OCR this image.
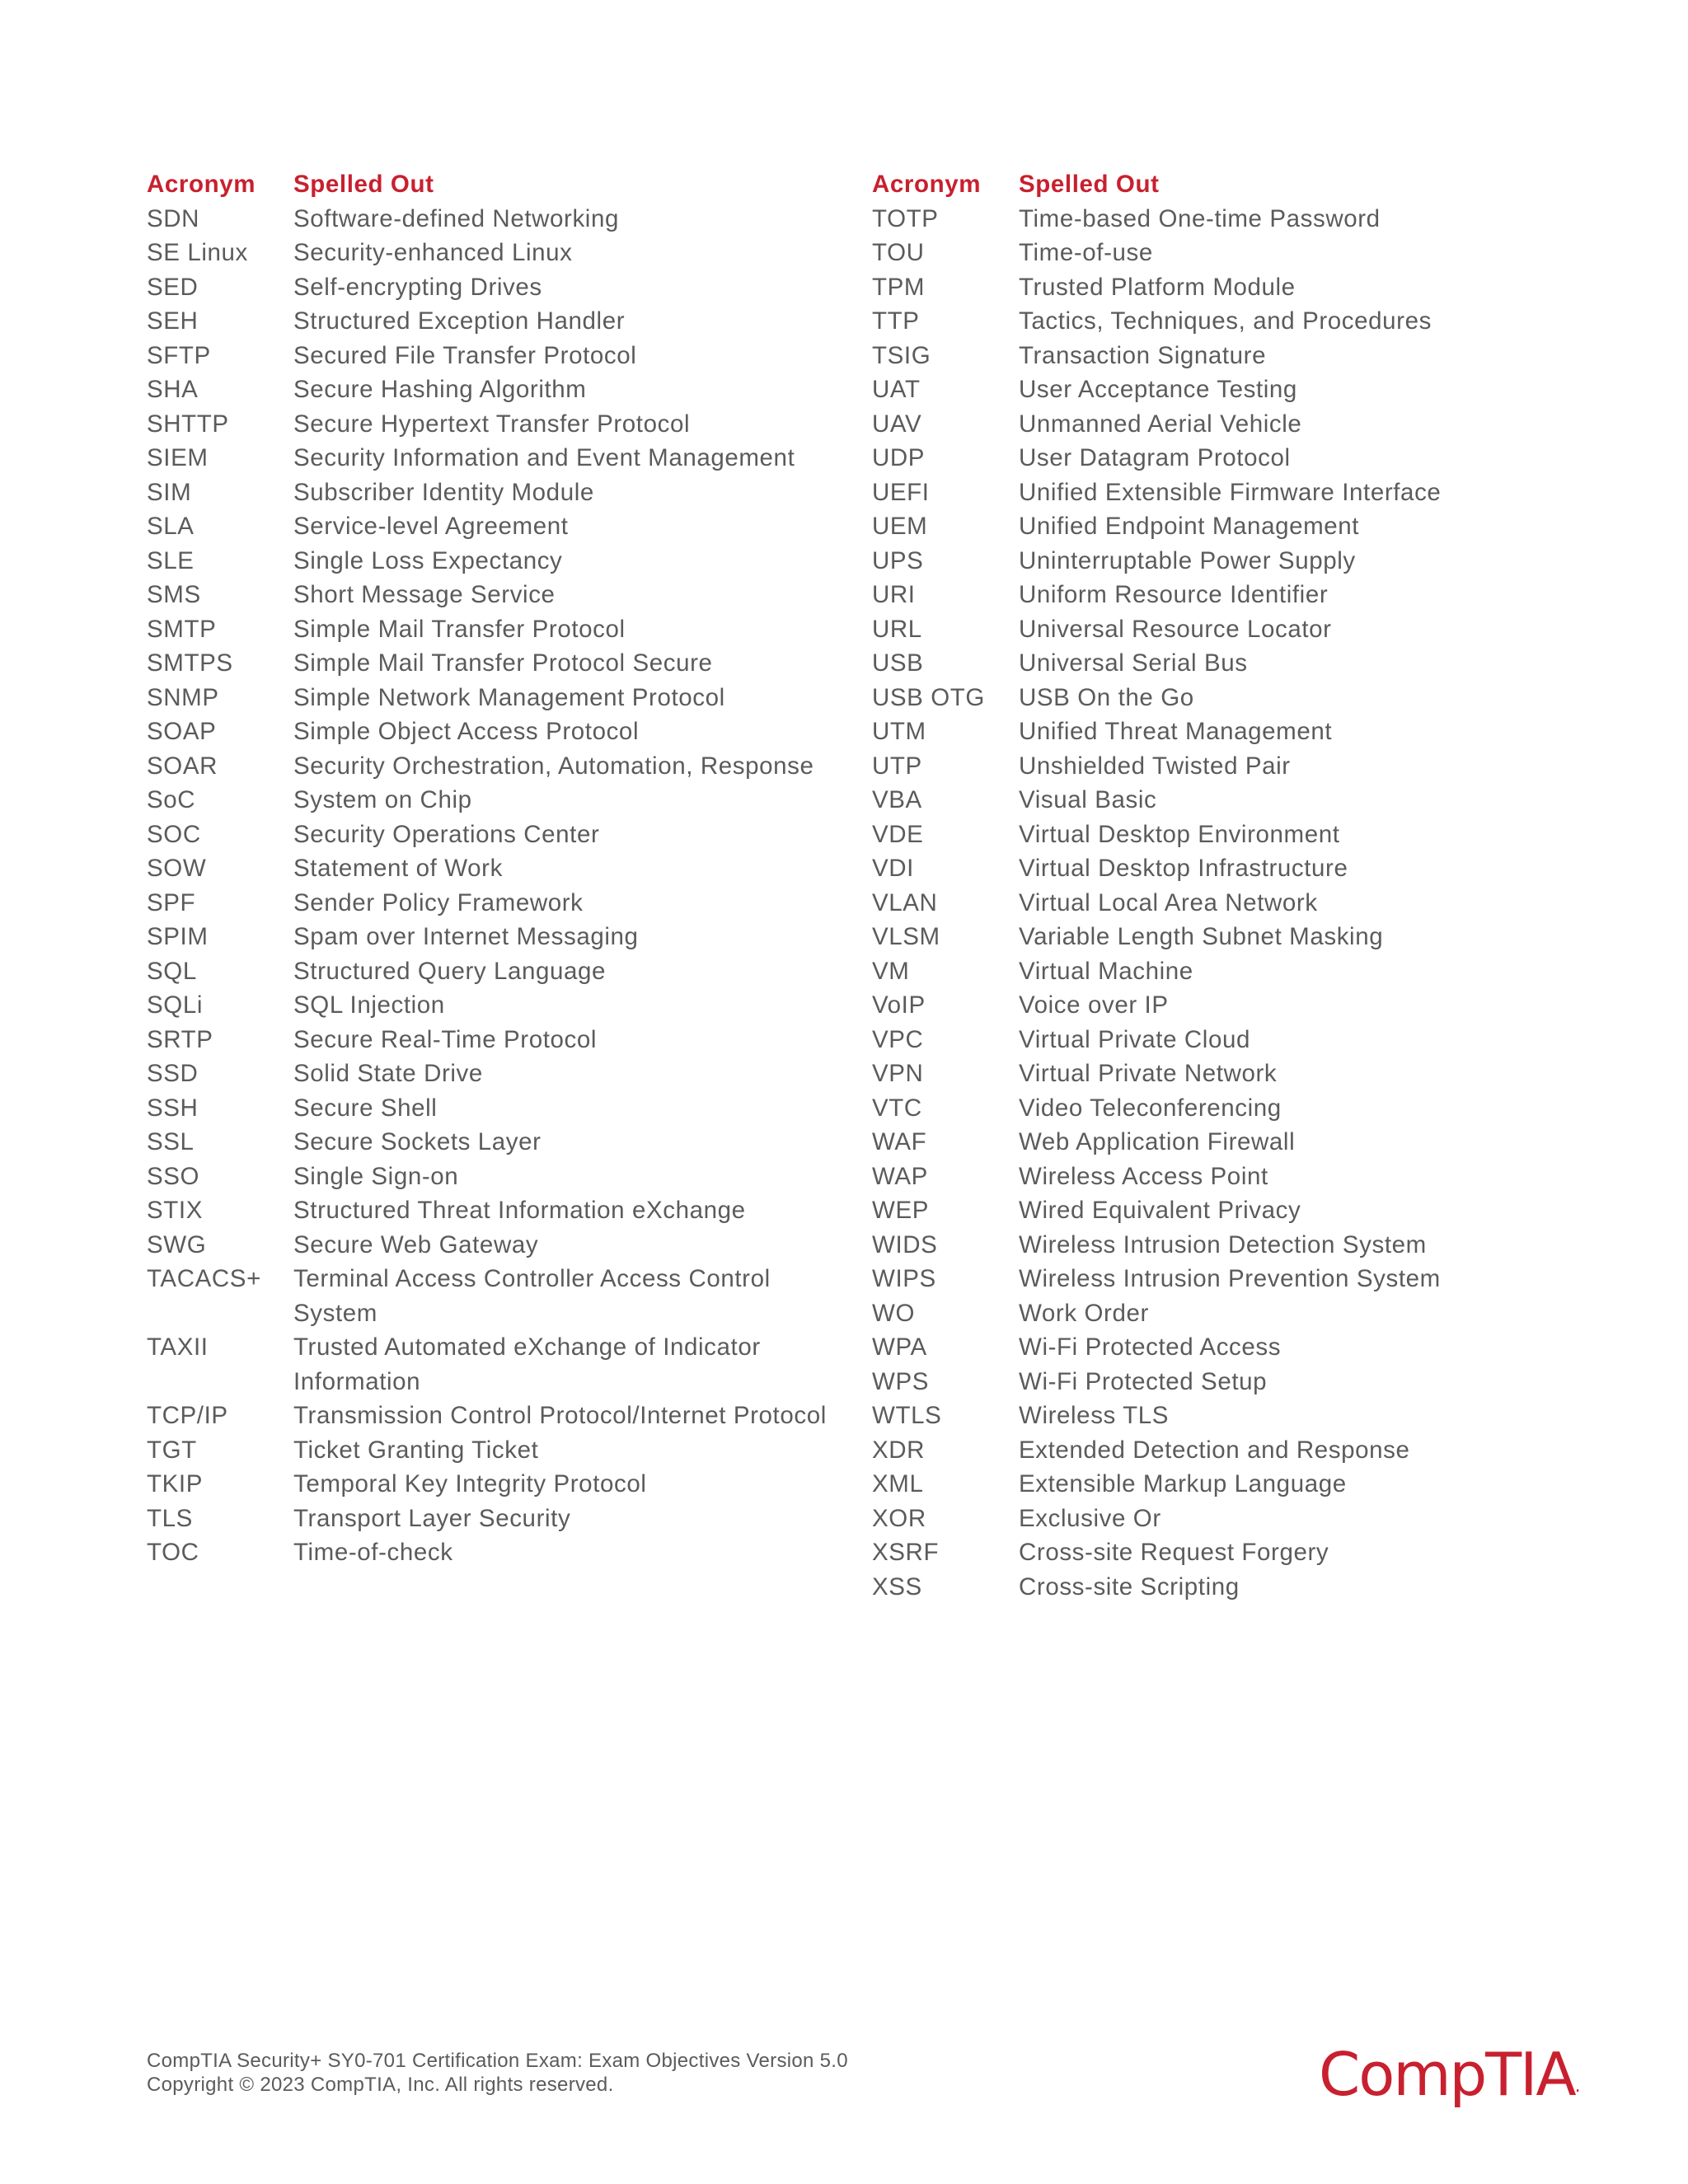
Acronym	Spelled Out
SDN	Software-defined Networking
SE Linux	Security-enhanced Linux
SED	Self-encrypting Drives
SEH	Structured Exception Handler
SFTP	Secured File Transfer Protocol
SHA	Secure Hashing Algorithm
SHTTP	Secure Hypertext Transfer Protocol
SIEM	Security Information and Event Management
SIM	Subscriber Identity Module
SLA	Service-level Agreement
SLE	Single Loss Expectancy
SMS	Short Message Service
SMTP	Simple Mail Transfer Protocol
SMTPS	Simple Mail Transfer Protocol Secure
SNMP	Simple Network Management Protocol
SOAP	Simple Object Access Protocol
SOAR	Security Orchestration, Automation, Response
SoC	System on Chip
SOC	Security Operations Center
SOW	Statement of Work
SPF	Sender Policy Framework
SPIM	Spam over Internet Messaging
SQL	Structured Query Language
SQLi	SQL Injection
SRTP	Secure Real-Time Protocol
SSD	Solid State Drive
SSH	Secure Shell
SSL	Secure Sockets Layer
SSO	Single Sign-on
STIX	Structured Threat Information eXchange
SWG	Secure Web Gateway
TACACS+	Terminal Access Controller Access Control System
TAXII	Trusted Automated eXchange of Indicator Information
TCP/IP	Transmission Control Protocol/Internet Protocol
TGT	Ticket Granting Ticket
TKIP	Temporal Key Integrity Protocol
TLS	Transport Layer Security
TOC	Time-of-check
Acronym	Spelled Out
TOTP	Time-based One-time Password
TOU	Time-of-use
TPM	Trusted Platform Module
TTP	Tactics, Techniques, and Procedures
TSIG	Transaction Signature
UAT	User Acceptance Testing
UAV	Unmanned Aerial Vehicle
UDP	User Datagram Protocol
UEFI	Unified Extensible Firmware Interface
UEM	Unified Endpoint Management
UPS	Uninterruptable Power Supply
URI	Uniform Resource Identifier
URL	Universal Resource Locator
USB	Universal Serial Bus
USB OTG	USB On the Go
UTM	Unified Threat Management
UTP	Unshielded Twisted Pair
VBA	Visual Basic
VDE	Virtual Desktop Environment
VDI	Virtual Desktop Infrastructure
VLAN	Virtual Local Area Network
VLSM	Variable Length Subnet Masking
VM	Virtual Machine
VoIP	Voice over IP
VPC	Virtual Private Cloud
VPN	Virtual Private Network
VTC	Video Teleconferencing
WAF	Web Application Firewall
WAP	Wireless Access Point
WEP	Wired Equivalent Privacy
WIDS	Wireless Intrusion Detection System
WIPS	Wireless Intrusion Prevention System
WO	Work Order
WPA	Wi-Fi Protected Access
WPS	Wi-Fi Protected Setup
WTLS	Wireless TLS
XDR	Extended Detection and Response
XML	Extensible Markup Language
XOR	Exclusive Or
XSRF	Cross-site Request Forgery
XSS	Cross-site Scripting
CompTIA Security+ SY0-701 Certification Exam: Exam Objectives Version 5.0
Copyright © 2023 CompTIA, Inc. All rights reserved.	CompTIA.
